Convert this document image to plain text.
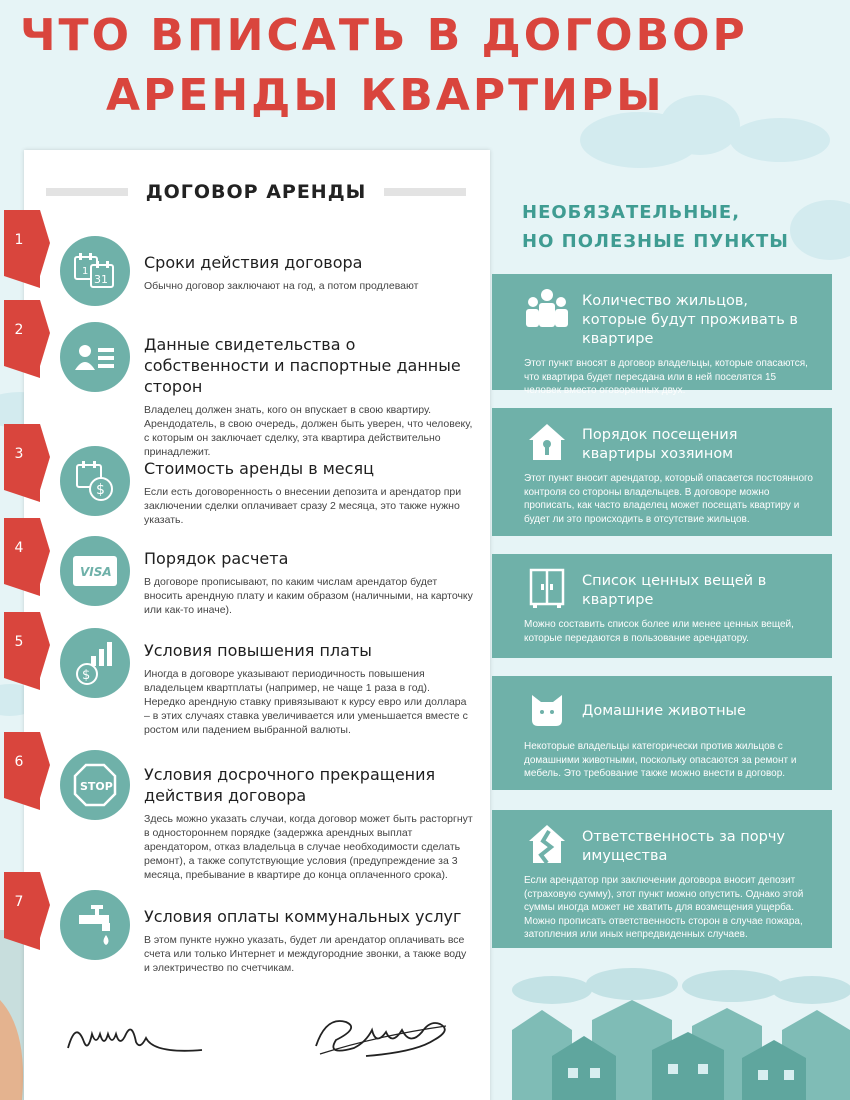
ЧТО ВПИСАТЬ В ДОГОВОР
АРЕНДЫ КВАРТИРЫ
ДОГОВОР АРЕНДЫ
1
2
3
4
5
6
7
1
31
Сроки действия договора
Обычно договор заключают на год, а потом продлевают
Данные свидетельства о собственности и паспортные данные сторон
Владелец должен знать, кого он впускает в свою квартиру. Арендодатель, в свою очередь, должен быть уверен, что человеку, с которым он заключает сделку, эта квартира действительно принадлежит.
$
Стоимость аренды в месяц
Если есть договоренность о внесении депозита и арендатор при заключении сделки оплачивает сразу 2 месяца, это также нужно указать.
VISA
Порядок расчета
В договоре прописывают, по каким числам арендатор будет вносить арендную плату и каким образом (наличными, на карточку или как-то иначе).
$
Условия повышения платы
Иногда в договоре указывают периодичность повышения владельцем квартплаты (например, не чаще 1 раза в год). Нередко арендную ставку привязывают к курсу евро или доллара – в этих случаях ставка увеличивается или уменьшается вместе с ростом или падением выбранной валюты.
STOP
Условия досрочного прекращения действия договора
Здесь можно указать случаи, когда договор может быть расторгнут в одностороннем порядке (задержка арендных выплат арендатором, отказ владельца в случае необходимости сделать ремонт), а также сопутствующие условия (предупреждение за 3 месяца, пребывание в квартире до конца оплаченного срока).
Условия оплаты коммунальных услуг
В этом пункте нужно указать, будет ли арендатор оплачивать все счета или только Интернет и междугородние звонки, а также воду и электричество по счетчикам.
НЕОБЯЗАТЕЛЬНЫЕ,
НО ПОЛЕЗНЫЕ ПУНКТЫ
Количество жильцов, которые будут проживать в квартире
Этот пункт вносят в договор владельцы, которые опасаются, что квартира будет пересдана или в ней поселятся 15 человек вместо оговоренных двух.
Порядок посещения квартиры хозяином
Этот пункт вносит арендатор, который опасается постоянного контроля со стороны владельцев. В договоре можно прописать, как часто владелец может посещать квартиру и будет ли это происходить в отсутствие жильцов.
Список ценных вещей в квартире
Можно составить список более или менее ценных вещей, которые передаются в пользование арендатору.
Домашние животные
Некоторые владельцы категорически против жильцов с домашними животными, поскольку опасаются за ремонт и мебель. Это требование также можно внести в договор.
Ответственность за порчу имущества
Если арендатор при заключении договора вносит депозит (страховую сумму), этот пункт можно опустить. Однако этой суммы иногда может не хватить для возмещения ущерба. Можно прописать ответственность сторон в случае пожара, затопления или иных непредвиденных случаев.
